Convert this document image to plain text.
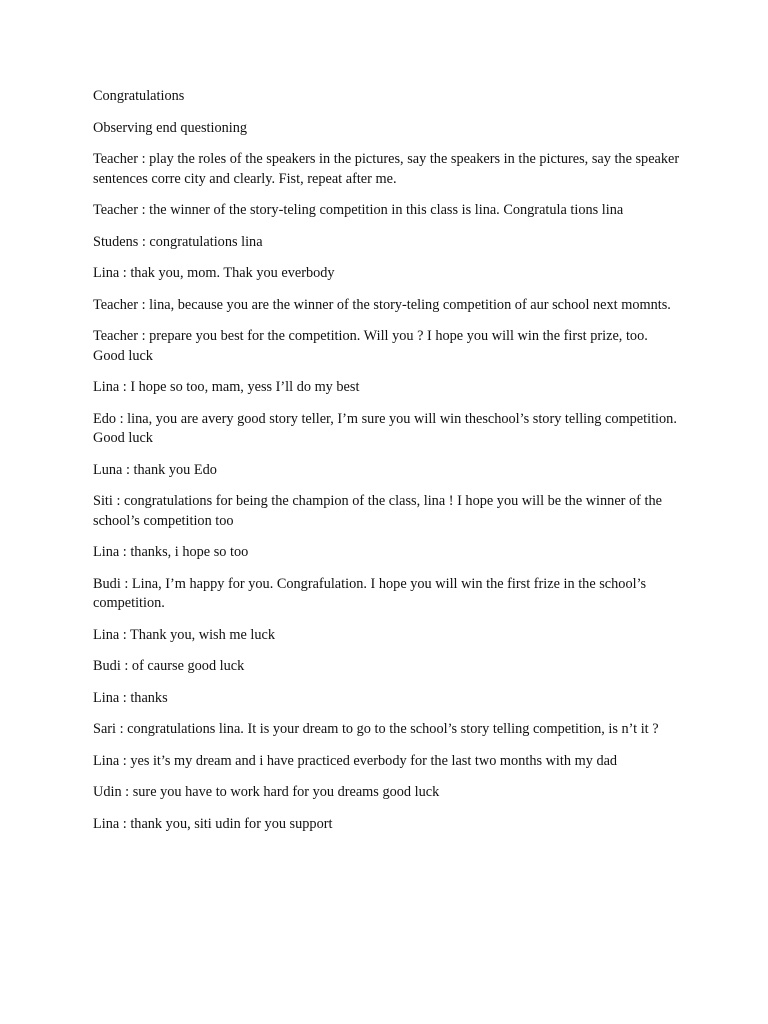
Congratulations

Observing end questioning

Teacher : play the roles of the speakers in the pictures, say the speakers in the pictures, say the speaker sentences corre city and clearly. Fist, repeat after me.

Teacher : the winner of the story-teling competition in this class is lina. Congratula tions lina

Studens : congratulations lina

Lina : thak you, mom. Thak you everbody

Teacher : lina, because you are the winner of the story-teling competition of aur school next momnts.

Teacher : prepare you best for the competition. Will you ? I hope you will win the first prize, too. Good luck

Lina : I hope so too, mam, yess I’ll do my best

Edo : lina, you are avery good story teller, I’m sure you will win theschool’s story telling competition. Good luck

Luna : thank you Edo

Siti : congratulations for being the champion of the class, lina ! I hope you will be the winner of the school’s competition too

Lina : thanks, i hope so too

Budi : Lina, I’m happy for you. Congrafulation. I hope you will win the first frize in the school’s competition.

Lina : Thank you, wish me luck

Budi : of caurse good luck

Lina : thanks

Sari : congratulations lina. It is your dream to go to the school’s story telling competition, is n’t it ?

Lina : yes it’s my dream and i have practiced everbody for the last two months with my dad

Udin : sure you have to work hard for you dreams good luck

Lina : thank you, siti udin for you support
